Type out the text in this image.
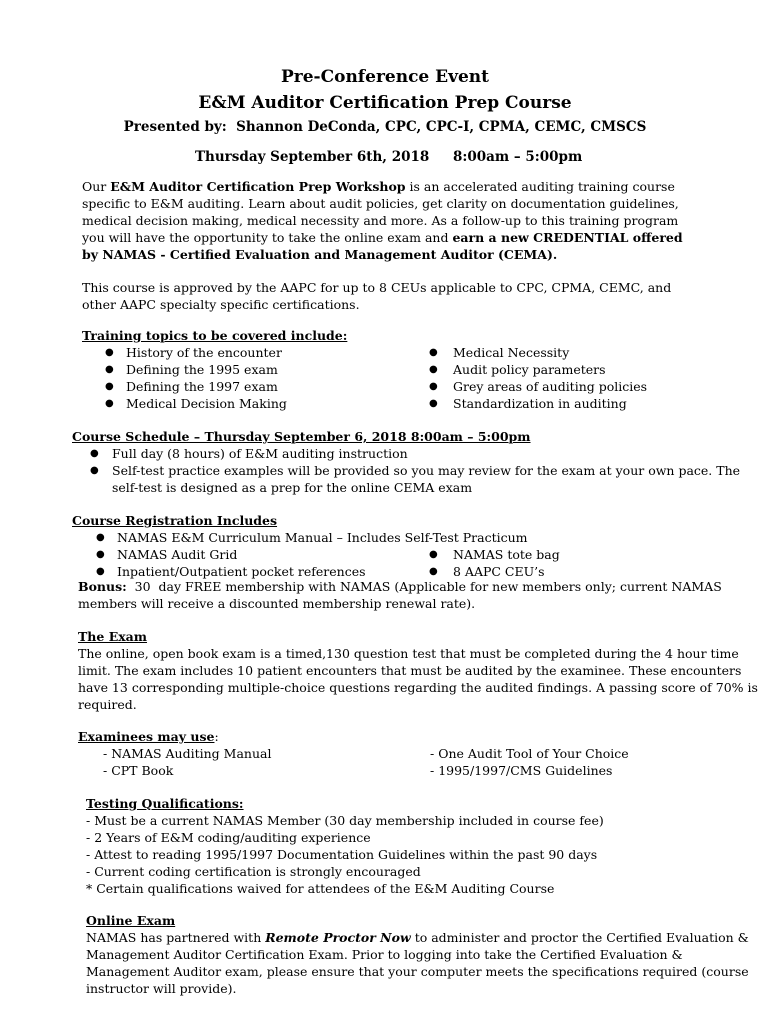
Pre-Conference Event
E&M Auditor Certification Prep Course
Presented by: Shannon DeConda, CPC, CPC-I, CPMA, CEMC, CMSCS
Thursday September 6th, 2018 8:00am – 5:00pm
Our E&M Auditor Certification Prep Workshop is an accelerated auditing training course specific to E&M auditing. Learn about audit policies, get clarity on documentation guidelines, medical decision making, medical necessity and more. As a follow-up to this training program you will have the opportunity to take the online exam and earn a new CREDENTIAL offered by NAMAS - Certified Evaluation and Management Auditor (CEMA).
This course is approved by the AAPC for up to 8 CEUs applicable to CPC, CPMA, CEMC, and other AAPC specialty specific certifications.
Training topics to be covered include:
● History of the encounter
● Defining the 1995 exam
● Defining the 1997 exam
● Medical Decision Making
● Medical Necessity
● Audit policy parameters
● Grey areas of auditing policies
● Standardization in auditing
Course Schedule – Thursday September 6, 2018 8:00am – 5:00pm
● Full day (8 hours) of E&M auditing instruction
● Self-test practice examples will be provided so you may review for the exam at your own pace. The
self-test is designed as a prep for the online CEMA exam
Course Registration Includes
● NAMAS E&M Curriculum Manual – Includes Self-Test Practicum
● NAMAS Audit Grid	● NAMAS tote bag
● Inpatient/Outpatient pocket references	● 8 AAPC CEU’s
Bonus:  30  day FREE membership with NAMAS (Applicable for new members only; current NAMAS
members will receive a discounted membership renewal rate).
The Exam
The online, open book exam is a timed,130 question test that must be completed during the 4 hour time
limit. The exam includes 10 patient encounters that must be audited by the examinee. These encounters
have 13 corresponding multiple-choice questions regarding the audited findings. A passing score of 70% is
required.
Examinees may use:
- NAMAS Auditing Manual
- CPT Book
- One Audit Tool of Your Choice
- 1995/1997/CMS Guidelines
Testing Qualifications:
- Must be a current NAMAS Member (30 day membership included in course fee)
- 2 Years of E&M coding/auditing experience
- Attest to reading 1995/1997 Documentation Guidelines within the past 90 days
- Current coding certification is strongly encouraged
* Certain qualifications waived for attendees of the E&M Auditing Course
Online Exam
NAMAS has partnered with Remote Proctor Now to administer and proctor the Certified Evaluation &
Management Auditor Certification Exam. Prior to logging into take the Certified Evaluation &
Management Auditor exam, please ensure that your computer meets the specifications required (course
instructor will provide).
